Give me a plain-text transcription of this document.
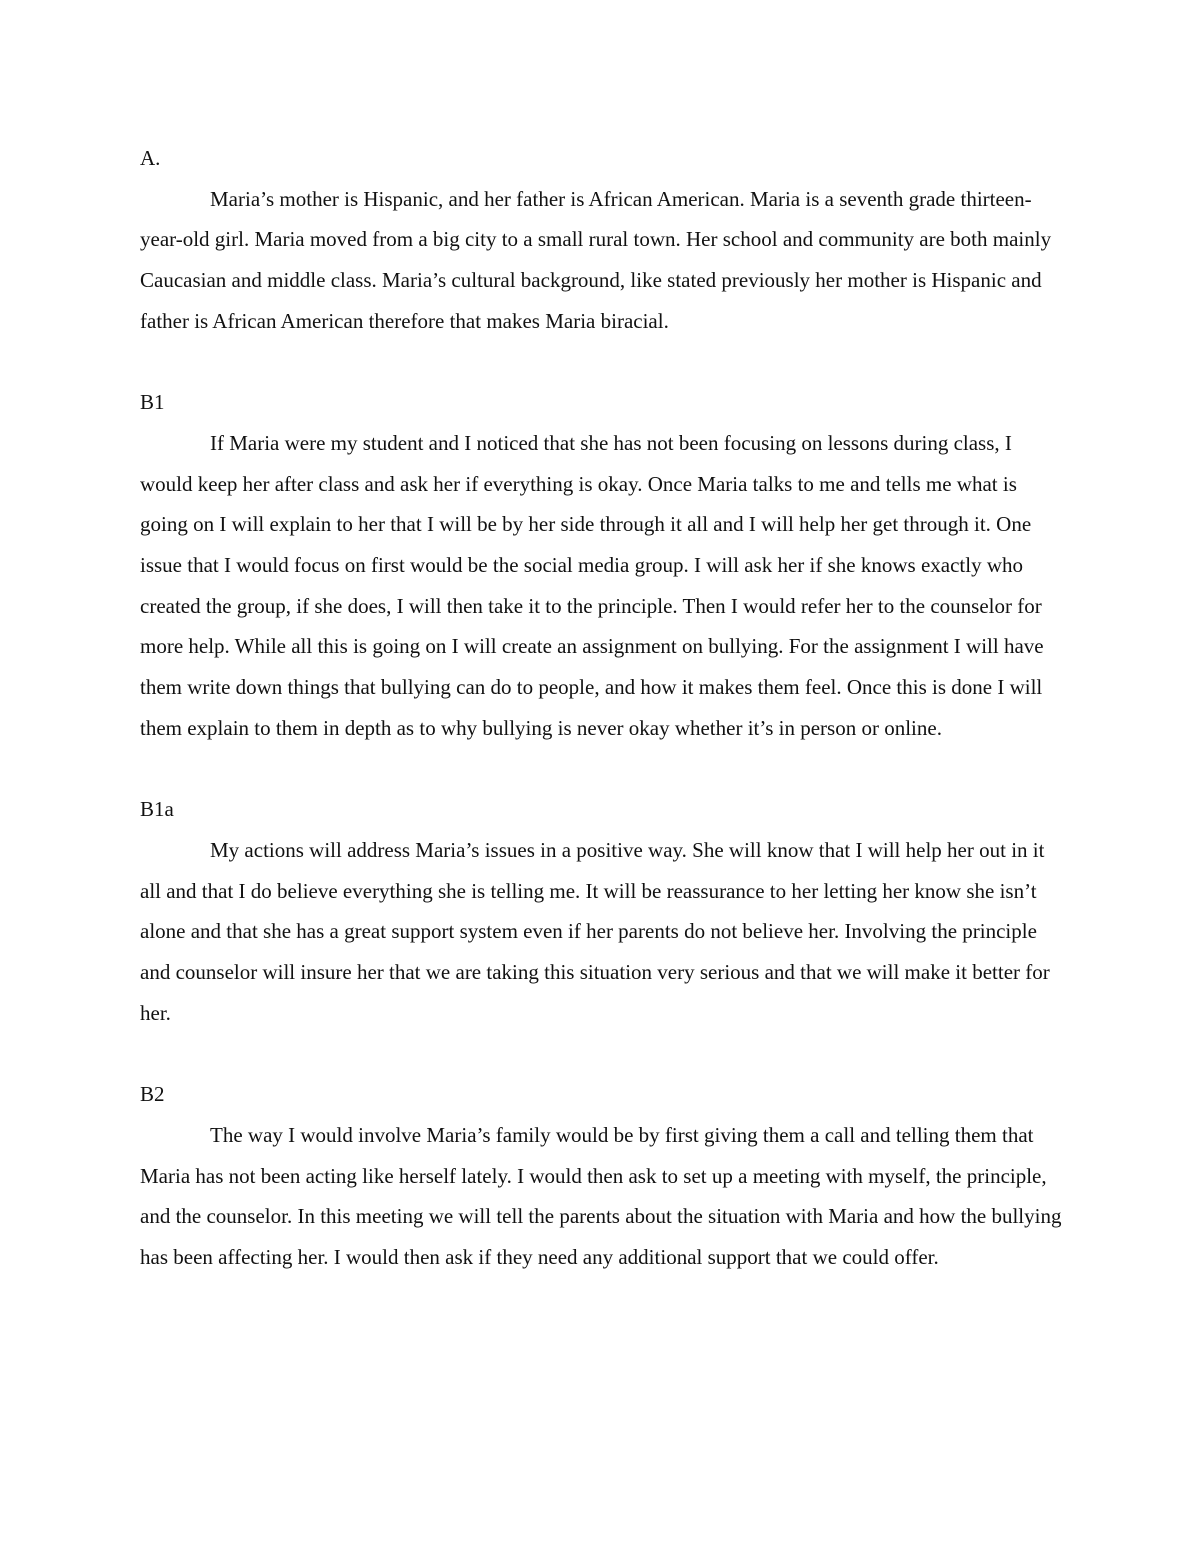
A.

Maria’s mother is Hispanic, and her father is African American. Maria is a seventh grade thirteen-year-old girl. Maria moved from a big city to a small rural town. Her school and community are both mainly Caucasian and middle class. Maria’s cultural background, like stated previously her mother is Hispanic and father is African American therefore that makes Maria biracial.

B1

If Maria were my student and I noticed that she has not been focusing on lessons during class, I would keep her after class and ask her if everything is okay. Once Maria talks to me and tells me what is going on I will explain to her that I will be by her side through it all and I will help her get through it. One issue that I would focus on first would be the social media group. I will ask her if she knows exactly who created the group, if she does, I will then take it to the principle. Then I would refer her to the counselor for more help. While all this is going on I will create an assignment on bullying. For the assignment I will have them write down things that bullying can do to people, and how it makes them feel. Once this is done I will them explain to them in depth as to why bullying is never okay whether it’s in person or online.

B1a

My actions will address Maria’s issues in a positive way. She will know that I will help her out in it all and that I do believe everything she is telling me. It will be reassurance to her letting her know she isn’t alone and that she has a great support system even if her parents do not believe her. Involving the principle and counselor will insure her that we are taking this situation very serious and that we will make it better for her.

B2

The way I would involve Maria’s family would be by first giving them a call and telling them that Maria has not been acting like herself lately. I would then ask to set up a meeting with myself, the principle, and the counselor. In this meeting we will tell the parents about the situation with Maria and how the bullying has been affecting her. I would then ask if they need any additional support that we could offer.
